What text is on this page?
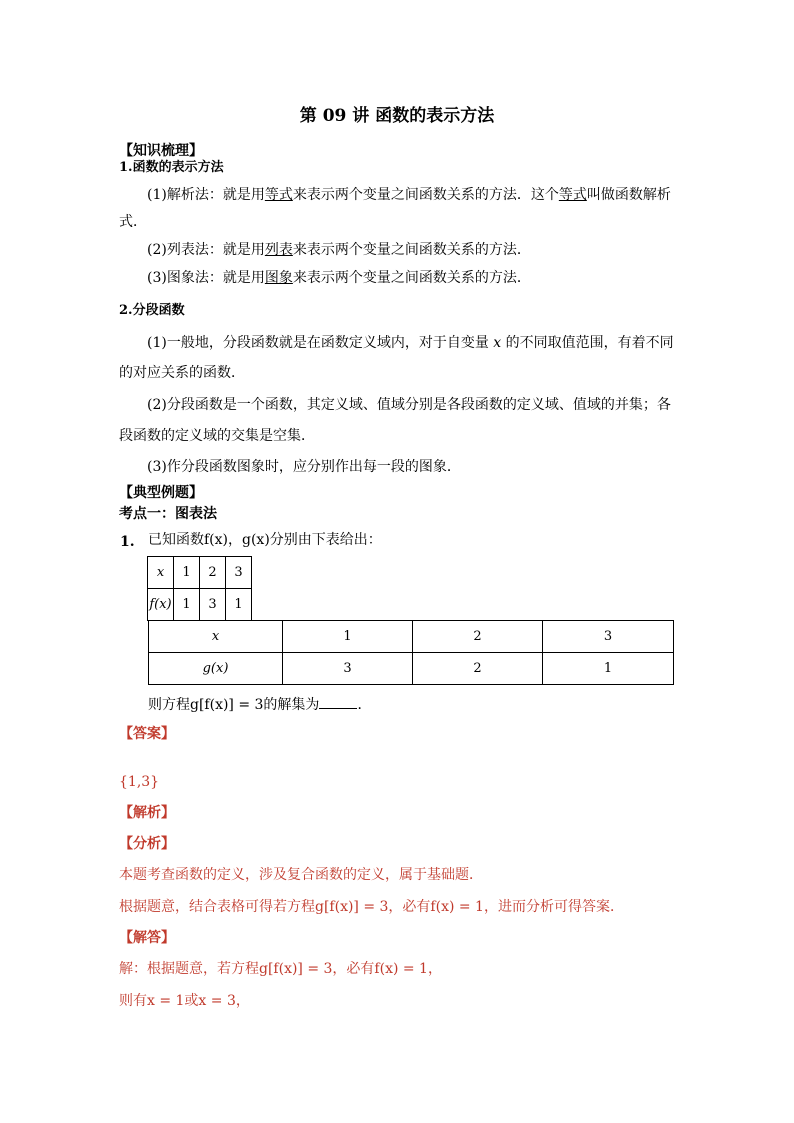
第 09 讲 函数的表示方法
【知识梳理】
1.函数的表示方法
(1)解析法：就是用等式来表示两个变量之间函数关系的方法．这个等式叫做函数解析
式．
(2)列表法：就是用列表来表示两个变量之间函数关系的方法．
(3)图象法：就是用图象来表示两个变量之间函数关系的方法．
2.分段函数
(1)一般地，分段函数就是在函数定义域内，对于自变量 x 的不同取值范围，有着不同
的对应关系的函数．
(2)分段函数是一个函数，其定义域、值域分别是各段函数的定义域、值域的并集；各
段函数的定义域的交集是空集．
(3)作分段函数图象时，应分别作出每一段的图象．
【典型例题】
考点一：图表法
1. 已知函数f(x)，g(x)分别由下表给出：
x	1	2	3
f(x)	1	3	1
x	1	2	3
g(x)	3	2	1
则方程g[f(x)] = 3的解集为	．
【答案】
{1,3}
【解析】
【分析】
本题考查函数的定义，涉及复合函数的定义，属于基础题．
根据题意，结合表格可得若方程g[f(x)] = 3，必有f(x) = 1，进而分析可得答案．
【解答】
解：根据题意，若方程g[f(x)] = 3，必有f(x) = 1，
则有x = 1或x = 3，
